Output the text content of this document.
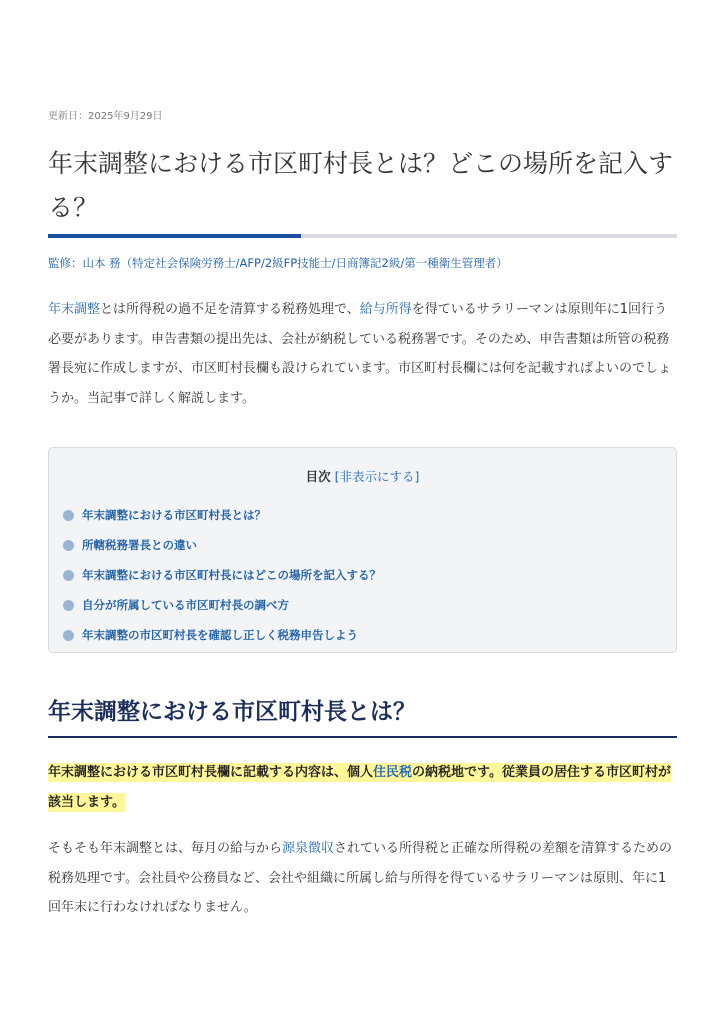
更新日：2025年9月29日
年末調整における市区町村長とは？どこの場所を記入する？
監修：山本 務（特定社会保険労務士/AFP/2級FP技能士/日商簿記2級/第一種衛生管理者）

年末調整とは所得税の過不足を清算する税務処理で、給与所得を得ているサラリーマンは原則年に1回行う必要があります。申告書類の提出先は、会社が納税している税務署です。そのため、申告書類は所管の税務署長宛に作成しますが、市区町村長欄も設けられています。市区町村長欄には何を記載すればよいのでしょうか。当記事で詳しく解説します。

目次 [非表示にする]
年末調整における市区町村長とは？
所轄税務署長との違い
年末調整における市区町村長にはどこの場所を記入する？
自分が所属している市区町村長の調べ方
年末調整の市区町村長を確認し正しく税務申告しよう
年末調整における市区町村長とは？

年末調整における市区町村長欄に記載する内容は、個人住民税の納税地です。従業員の居住する市区町村が該当します。

そもそも年末調整とは、毎月の給与から源泉徴収されている所得税と正確な所得税の差額を清算するための税務処理です。会社員や公務員など、会社や組織に所属し給与所得を得ているサラリーマンは原則、年に1回年末に行わなければなりません。
